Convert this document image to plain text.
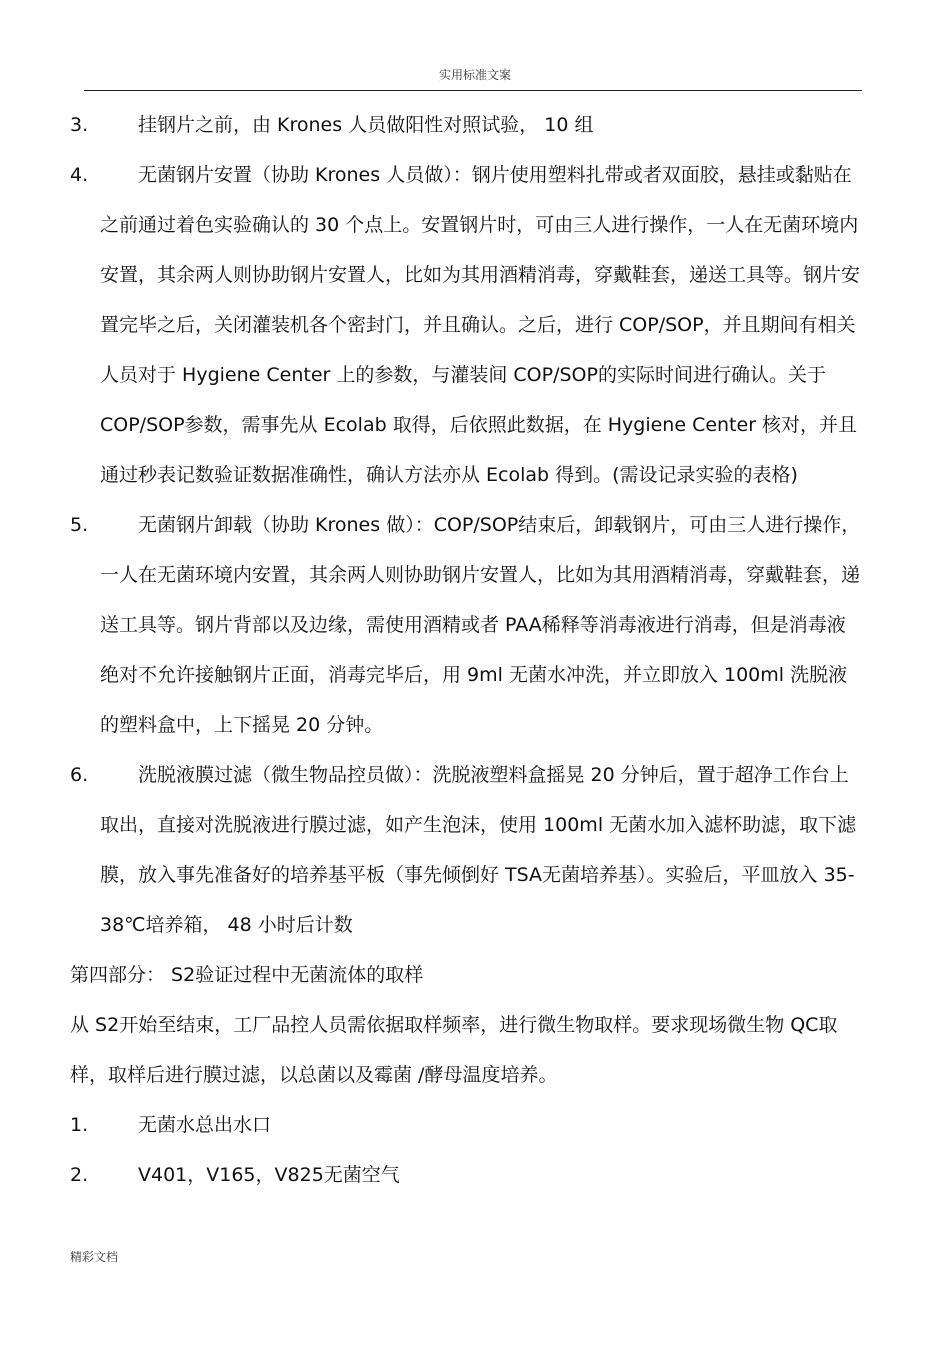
实用标准文案
3.	挂钢片之前，由 Krones 人员做阳性对照试验， 10 组
4.	无菌钢片安置（协助 Krones 人员做）：钢片使用塑料扎带或者双面胶，悬挂或黏贴在之前通过着色实验确认的 30 个点上。安置钢片时，可由三人进行操作，一人在无菌环境内安置，其余两人则协助钢片安置人，比如为其用酒精消毒，穿戴鞋套，递送工具等。钢片安置完毕之后，关闭灌装机各个密封门，并且确认。之后，进行 COP/SOP，并且期间有相关人员对于 Hygiene Center 上的参数，与灌装间 COP/SOP的实际时间进行确认。关于 COP/SOP参数，需事先从 Ecolab 取得，后依照此数据，在 Hygiene Center 核对，并且通过秒表记数验证数据准确性，确认方法亦从 Ecolab 得到。(需设记录实验的表格)
5.	无菌钢片卸载（协助 Krones 做）：COP/SOP结束后，卸载钢片，可由三人进行操作，一人在无菌环境内安置，其余两人则协助钢片安置人，比如为其用酒精消毒，穿戴鞋套，递送工具等。钢片背部以及边缘，需使用酒精或者 PAA稀释等消毒液进行消毒，但是消毒液绝对不允许接触钢片正面，消毒完毕后，用 9ml 无菌水冲洗，并立即放入 100ml 洗脱液的塑料盒中，上下摇晃 20 分钟。
6.	洗脱液膜过滤（微生物品控员做）：洗脱液塑料盒摇晃 20 分钟后，置于超净工作台上取出，直接对洗脱液进行膜过滤，如产生泡沫，使用 100ml 无菌水加入滤杯助滤，取下滤膜，放入事先准备好的培养基平板（事先倾倒好 TSA无菌培养基）。实验后，平皿放入 35-38℃培养箱， 48 小时后计数
第四部分： S2验证过程中无菌流体的取样
从 S2开始至结束，工厂品控人员需依据取样频率，进行微生物取样。要求现场微生物 QC取样，取样后进行膜过滤，以总菌以及霉菌 /酵母温度培养。
1.	无菌水总出水口
2.	V401，V165，V825无菌空气
精彩文档
